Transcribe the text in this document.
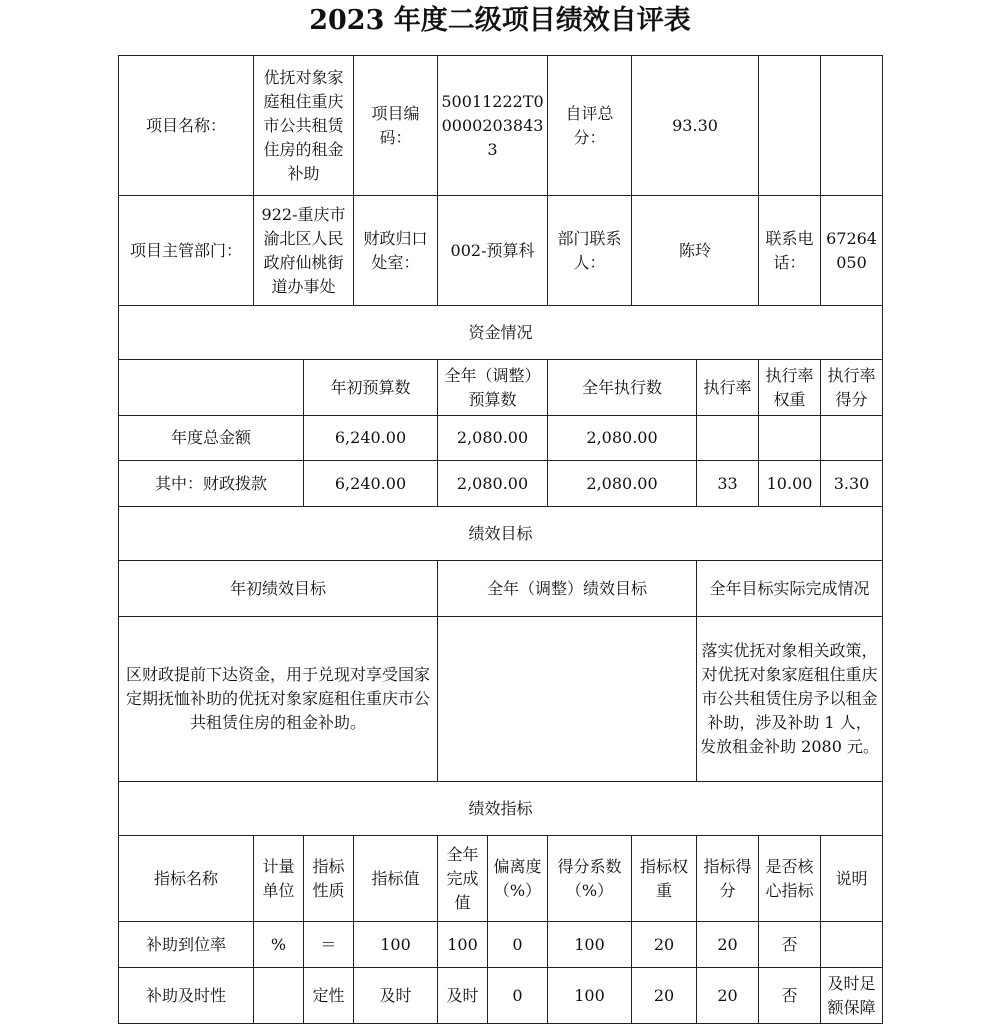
2023 年度二级项目绩效自评表
项目名称：	优抚对象家庭租住重庆市公共租赁住房的租金补助		项目编码：	50011222T000002038433		自评总分：	93.30			
项目主管部门：	922-重庆市渝北区人民政府仙桃街道办事处		财政归口处室：	002-预算科		部门联系人：	陈玲		联系电话：	67264050
资金情况										
		年初预算数		全年（调整）预算数		全年执行数		执行率	执行率权重	执行率得分
年度总金额		6,240.00		2,080.00		2,080.00				
其中：财政拨款		6,240.00		2,080.00		2,080.00		33	10.00	3.30
绩效目标										
年初绩效目标				全年（调整）绩效目标				全年目标实际完成情况		
区财政提前下达资金，用于兑现对享受国家定期抚恤补助的优抚对象家庭租住重庆市公共租赁住房的租金补助。								落实优抚对象相关政策，对优抚对象家庭租住重庆市公共租赁住房予以租金补助，涉及补助 1 人，发放租金补助 2080 元。		
绩效指标										
指标名称	计量单位	指标性质	指标值	全年完成值	偏离度（%）	得分系数（%）	指标权重	指标得分	是否核心指标	说明
补助到位率	%	＝	100	100	0	100	20	20	否	
补助及时性		定性	及时	及时	0	100	20	20	否	及时足额保障
